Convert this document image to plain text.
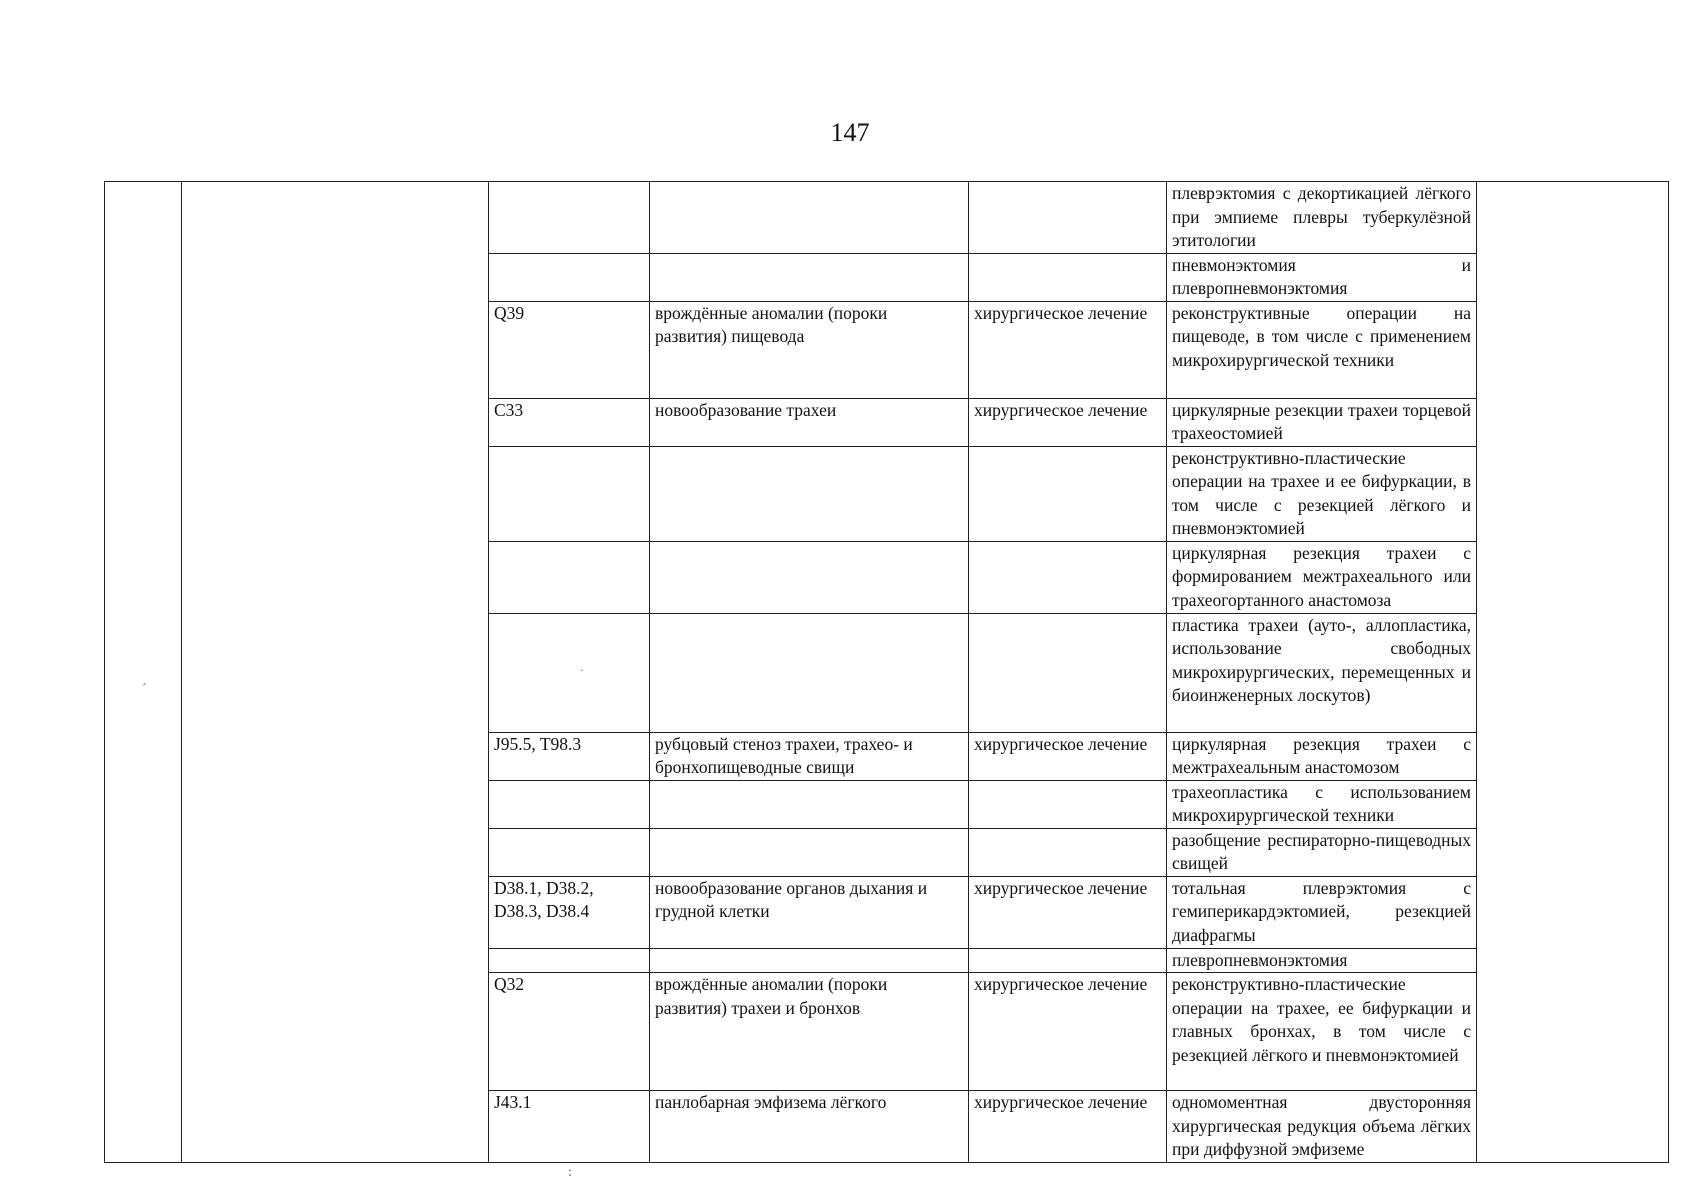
147
					плеврэктомия с декортикацией лёгкого при эмпиеме плевры туберкулёзной этитологии	
					пневмонэктомия и плевропневмонэктомия	
		Q39	врождённые аномалии (пороки развития) пищевода	хирургическое лечение	реконструктивные операции на пищеводе, в том числе с применением микрохирургической техники	
		C33	новообразование трахеи	хирургическое лечение	циркулярные резекции трахеи торцевой трахеостомией	
					реконструктивно-пластические операции на трахее и ее бифуркации, в том числе с резекцией лёгкого и пневмонэктомией	
					циркулярная резекция трахеи с формированием межтрахеального или трахеогортанного анастомоза	
					пластика трахеи (ауто-, аллопластика, использование свободных микрохирургических, перемещенных и биоинженерных лоскутов)	
		J95.5, T98.3	рубцовый стеноз трахеи, трахео- и бронхопищеводные свищи	хирургическое лечение	циркулярная резекция трахеи с межтрахеальным анастомозом	
					трахеопластика с использованием микрохирургической техники	
					разобщение респираторно-пищеводных свищей	
		D38.1, D38.2, D38.3, D38.4	новообразование органов дыхания и грудной клетки	хирургическое лечение	тотальная плеврэктомия с гемиперикардэктомией, резекцией диафрагмы	
					плевропневмонэктомия	
		Q32	врождённые аномалии (пороки развития) трахеи и бронхов	хирургическое лечение	реконструктивно-пластические операции на трахее, ее бифуркации и главных бронхах, в том числе с резекцией лёгкого и пневмонэктомией	
		J43.1	панлобарная эмфизема лёгкого	хирургическое лечение	одномоментная двусторонняя хирургическая редукция объема лёгких при диффузной эмфиземе	
ˊ
·
:
